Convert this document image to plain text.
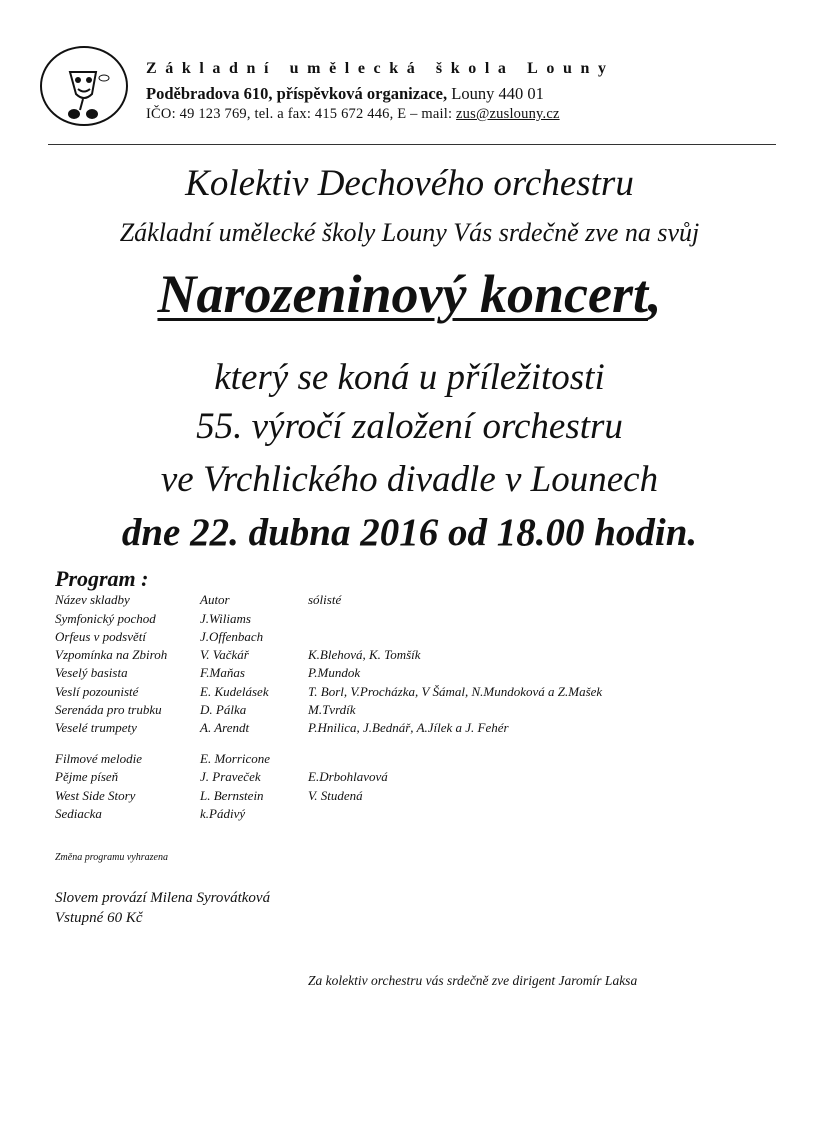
Základní umělecká škola Louny
Poděbradova 610, příspěvková organizace, Louny 440 01
IČO: 49 123 769, tel. a fax: 415 672 446, E – mail: zus@zuslouny.cz
Kolektiv Dechového orchestru
Základní umělecké školy Louny Vás srdečně zve na svůj
Narozeninový koncert,
který se koná u příležitosti
55. výročí založení orchestru
ve Vrchlického divadle v Lounech
dne 22. dubna 2016 od 18.00 hodin.
Program :
Název skladby	Autor	sólisté
Změna programu vyhrazena
Slovem provází Milena Syrovátková
Vstupné 60 Kč
Za kolektiv orchestru vás srdečně zve dirigent Jaromír Laksa
Symfonický pochod	J.Wiliams
Orfeus v podsvětí	J.Offenbach
Vzpomínka na Zbiroh	V. Vačkář	K.Blehová, K. Tomšík
Veselý basista	F.Maňas	P.Mundok
Veslí pozounisté	E. Kudelásek	T. Borl, V.Procházka, V Šámal, N.Mundoková a Z.Mašek
Serenáda pro trubku	D. Pálka	M.Tvrdík
Veselé trumpety	A. Arendt	P.Hnilica, J.Bednář, A.Jílek a J. Fehér
Filmové melodie	E. Morricone
Pějme píseň	J. Praveček	E.Drbohlavová
West Side Story	L. Bernstein	V. Studená
Sediacka	k.Pádivý
